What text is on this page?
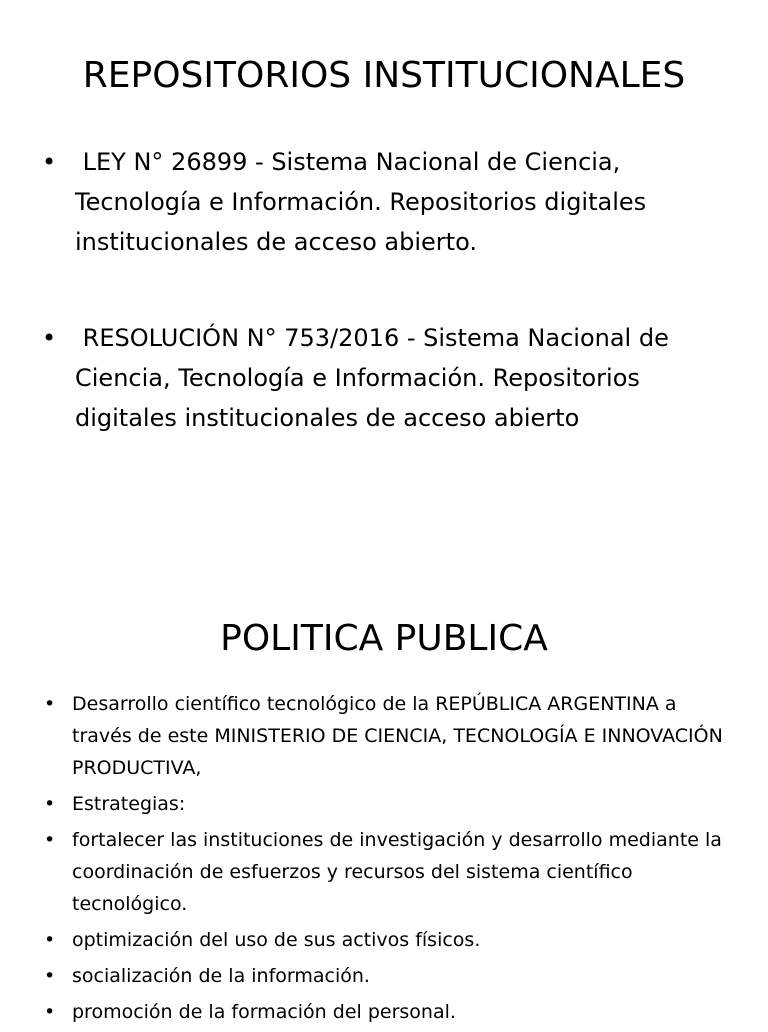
REPOSITORIOS INSTITUCIONALES
• LEY N° 26899 - Sistema Nacional de Ciencia, Tecnología e Información. Repositorios digitales institucionales de acceso abierto.
• RESOLUCIÓN N° 753/2016 - Sistema Nacional de Ciencia, Tecnología e Información. Repositorios digitales institucionales de acceso abierto
POLITICA PUBLICA
• Desarrollo científico tecnológico de la REPÚBLICA ARGENTINA a través de este MINISTERIO DE CIENCIA, TECNOLOGÍA E INNOVACIÓN PRODUCTIVA,
• Estrategias:
• fortalecer las instituciones de investigación y desarrollo mediante la coordinación de esfuerzos y recursos del sistema científico tecnológico.
• optimización del uso de sus activos físicos.
• socialización de la información.
• promoción de la formación del personal.
